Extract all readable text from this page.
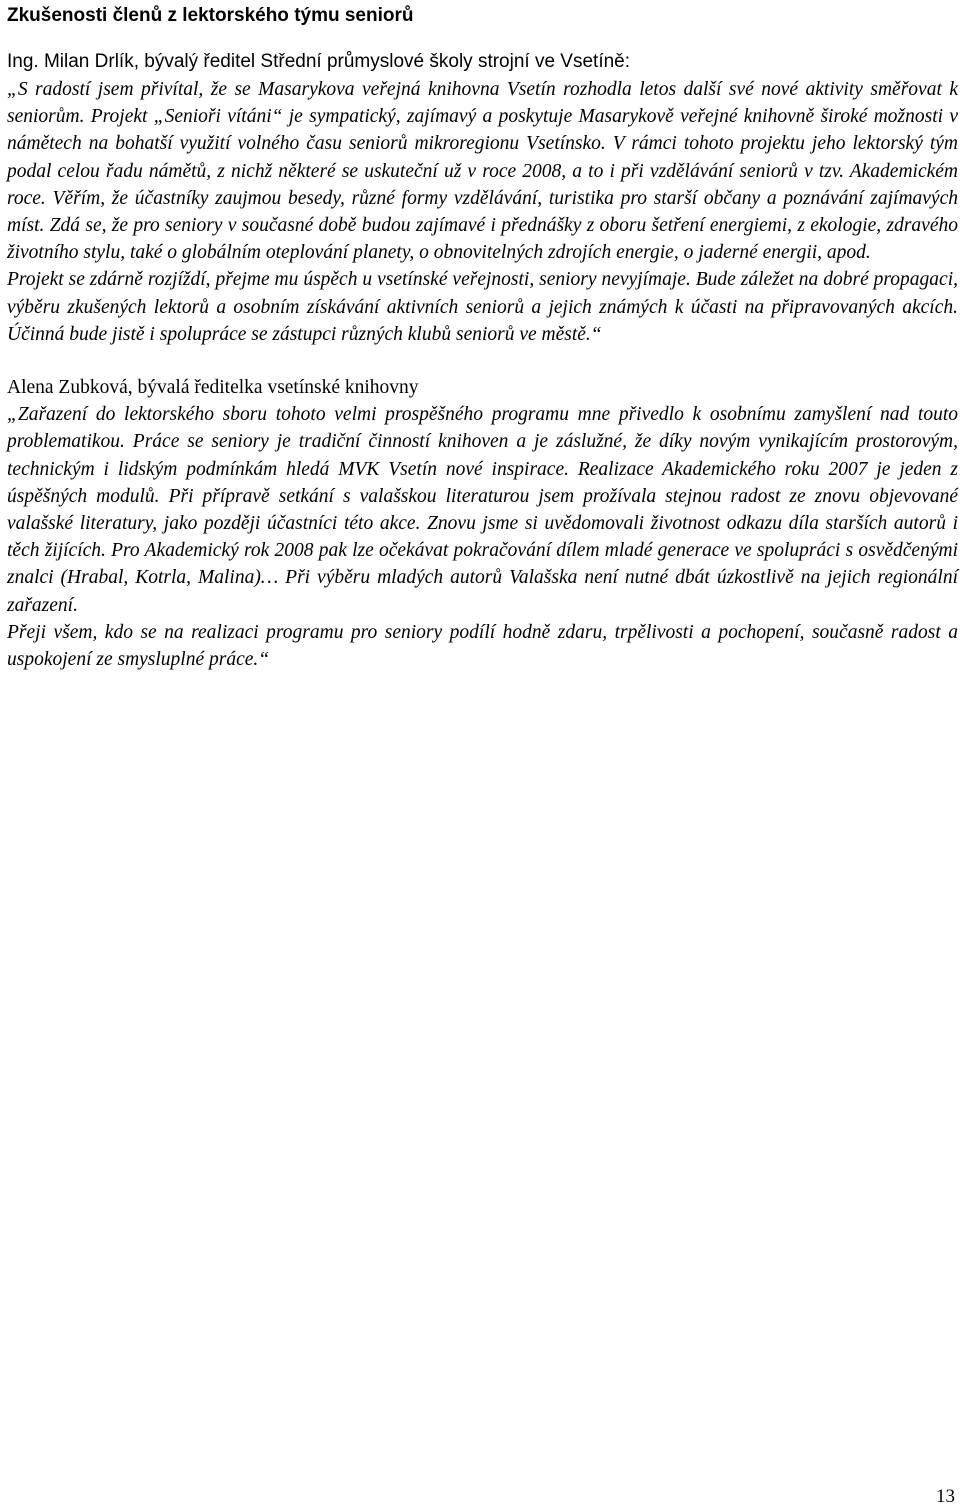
Zkušenosti členů z lektorského týmu seniorů

Ing. Milan Drlík, bývalý ředitel Střední průmyslové školy strojní ve Vsetíně:

„S radostí jsem přivítal, že se Masarykova veřejná knihovna Vsetín rozhodla letos další své nové aktivity směřovat k seniorům. Projekt „Senioři vítáni“ je sympatický, zajímavý a poskytuje Masarykově veřejné knihovně široké možnosti v námětech na bohatší využití volného času seniorů mikroregionu Vsetínsko. V rámci tohoto projektu jeho lektorský tým podal celou řadu námětů, z nichž některé se uskuteční už v roce 2008, a to i při vzdělávání seniorů v tzv. Akademickém roce. Věřím, že účastníky zaujmou besedy, různé formy vzdělávání, turistika pro starší občany a poznávání zajímavých míst. Zdá se, že pro seniory v současné době budou zajímavé i přednášky z oboru šetření energiemi, z ekologie, zdravého životního stylu, také o globálním oteplování planety, o obnovitelných zdrojích energie, o jaderné energii, apod.

Projekt se zdárně rozjíždí, přejme mu úspěch u vsetínské veřejnosti, seniory nevyjímaje. Bude záležet na dobré propagaci, výběru zkušených lektorů a osobním získávání aktivních seniorů a jejich známých k účasti na připravovaných akcích. Účinná bude jistě i spolupráce se zástupci různých klubů seniorů ve městě.“

Alena Zubková, bývalá ředitelka vsetínské knihovny

„Zařazení do lektorského sboru tohoto velmi prospěšného programu mne přivedlo k osobnímu zamyšlení nad touto problematikou. Práce se seniory je tradiční činností knihoven a je záslužné, že díky novým vynikajícím prostorovým, technickým i lidským podmínkám hledá MVK Vsetín nové inspirace. Realizace Akademického roku 2007 je jeden z úspěšných modulů. Při přípravě setkání s valašskou literaturou jsem prožívala stejnou radost ze znovu objevované valašské literatury, jako později účastníci této akce. Znovu jsme si uvědomovali životnost odkazu díla starších autorů i těch žijících. Pro Akademický rok 2008 pak lze očekávat pokračování dílem mladé generace ve spolupráci s osvědčenými znalci (Hrabal, Kotrla, Malina)… Při výběru mladých autorů Valašska není nutné dbát úzkostlivě na jejich regionální zařazení.

Přeji všem, kdo se na realizaci programu pro seniory podílí hodně zdaru, trpělivosti a pochopení, současně radost a uspokojení ze smysluplné práce.“

13
